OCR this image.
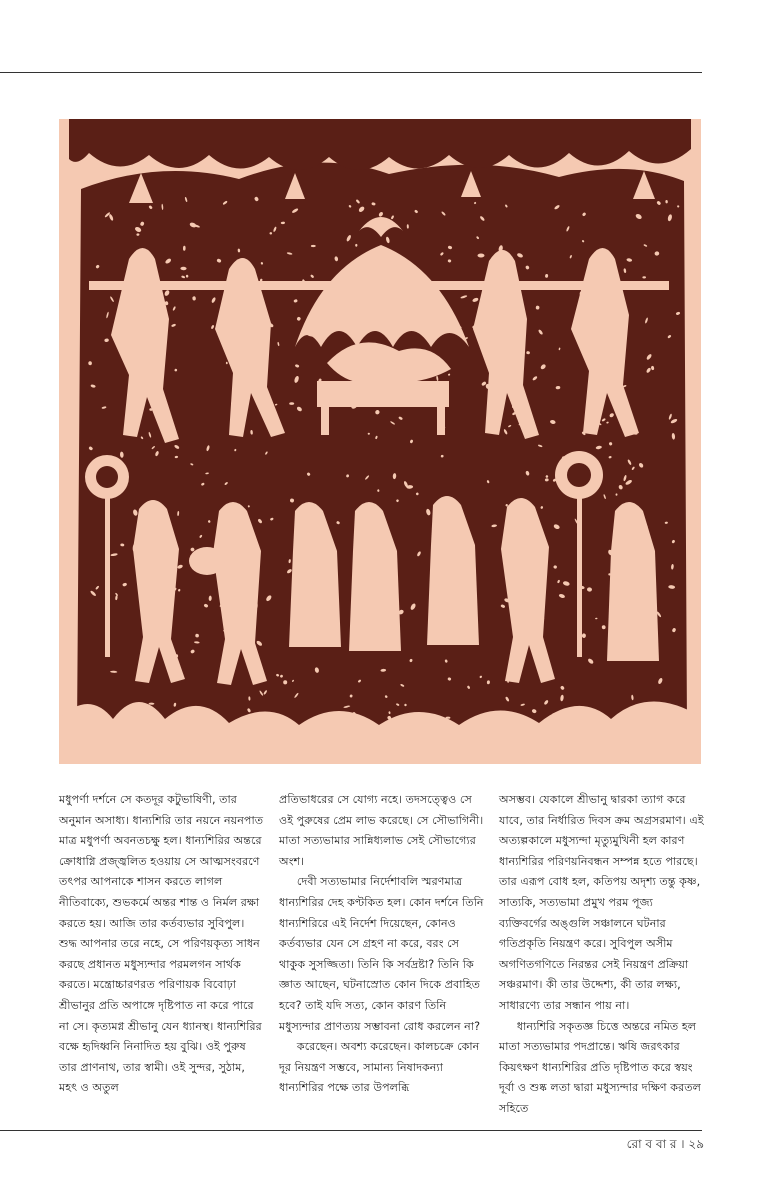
মধুপর্ণা দর্শনে সে কতদূর কটুভাষিণী, তার অনুমান অসাধ্য। ধান্যশিরি তার নয়নে নয়নপাত মাত্র মধুপর্ণা অবনতচক্ষু হল। ধান্যশিরির অন্তরে ক্রোধাগ্নি প্রজ্জ্বলিত হওয়ায় সে আত্মসংবরণে তৎপর আপনাকে শাসন করতে লাগল নীতিবাক্যে, শুভকর্মে অন্তর শান্ত ও নির্মল রক্ষা করতে হয়। আজি তার কর্তব্যভার সুবিপুল। শুদ্ধ আপনার তরে নহে, সে পরিণয়কৃত্য সাধন করছে প্রধানত মধুস্যন্দার পরমলগন সার্থক করতে। মন্ত্রোচ্চারণরত পরিণায়ক বিবোঢ়া শ্রীভানুর প্রতি অপাঙ্গে দৃষ্টিপাত না করে পারে না সে। কৃত্যমগ্ন শ্রীভানু যেন ধ্যানস্থ। ধান্যশিরির বক্ষে হৃদিধ্বনি নিনাদিত হয় বুঝি। ওই পুরুষ তার প্রাণনাথ, তার স্বামী। ওই সুন্দর, সুঠাম, মহৎ ও অতুল

প্রতিভাধরের সে যোগ্য নহে। তদসত্ত্বেও সে ওই পুরুষের প্রেম লাভ করেছে। সে সৌভাগিনী। মাতা সত্যভামার সান্নিধ্যলাভ সেই সৌভাগ্যের অংশ।

দেবী সত্যভামার নির্দেশাবলি স্মরণমাত্র ধান্যশিরির দেহ কণ্টকিত হল। কোন দর্শনে তিনি ধান্যশিরিরে এই নির্দেশ দিয়েছেন, কোনও কর্তব্যভার যেন সে গ্রহণ না করে, বরং সে থাকুক সুসজ্জিতা। তিনি কি সর্বদ্রষ্টা? তিনি কি জ্ঞাত আছেন, ঘটনাস্রোত কোন দিকে প্রবাহিত হবে? তাই যদি সত্য, কোন কারণ তিনি মধুস্যন্দার প্রাণত্যয় সম্ভাবনা রোধ করলেন না?

করেছেন। অবশ্য করেছেন। কালচক্রে কোন দূর নিয়ন্ত্রণ সম্ভবে, সামান্য নিষাদকন্যা ধান্যশিরির পক্ষে তার উপলব্ধি

অসম্ভব। যেকালে শ্রীভানু দ্বারকা ত্যাগ করে যাবে, তার নির্ধারিত দিবস ক্রম অগ্রসরমাণ। এই অত্যল্পকালে মধুস্যন্দা মৃত্যুমুখিনী হল কারণ ধান্যশিরির পরিণয়নিবন্ধন সম্পন্ন হতে পারছে। তার এরূপ বোধ হল, কতিপয় অদৃশ্য তন্তু কৃষ্ণ, সাত্যকি, সত্যভামা প্রমুখ পরম পূজ্য ব্যক্তিবর্গের অঙ্গুলি সঞ্চালনে ঘটনার গতিপ্রকৃতি নিয়ন্ত্রণ করে। সুবিপুল অসীম অগণিতগণিতে নিরন্তর সেই নিয়ন্ত্রণ প্রক্রিয়া সঞ্চরমাণ। কী তার উদ্দেশ্য, কী তার লক্ষ্য, সাধারণ্যে তার সন্ধান পায় না।

ধান্যশিরি সকৃতজ্ঞ চিত্তে অন্তরে নমিত হল মাতা সত্যভামার পদপ্রান্তে। ঋষি জরৎকার কিয়ৎক্ষণ ধান্যশিরির প্রতি দৃষ্টিপাত করে স্বয়ং দূর্বা ও শুষ্ক লতা দ্বারা মধুস্যন্দার দক্ষিণ করতল সহিতে

রো ব বা র । ২৯
